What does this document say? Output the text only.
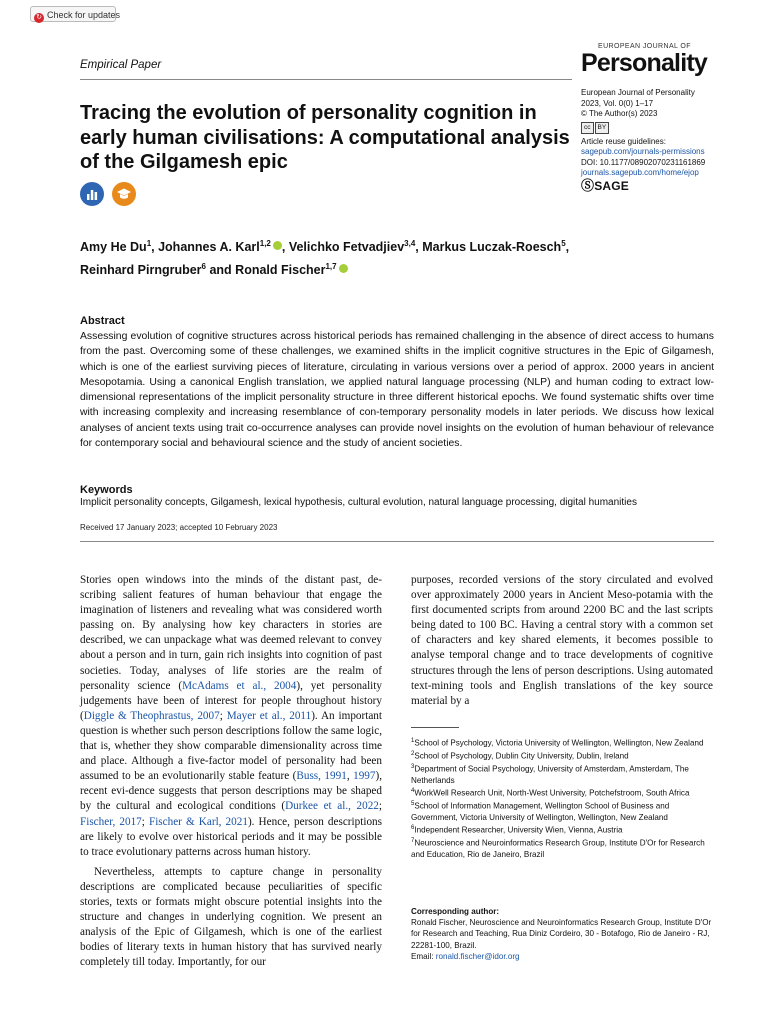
↻ Check for updates
Empirical Paper
EUROPEAN JOURNAL OF
Personality
European Journal of Personality
2023, Vol. 0(0) 1–17
© The Author(s) 2023
cc	BY
Article reuse guidelines:
sagepub.com/journals-permissions
DOI: 10.1177/08902070231161869
journals.sagepub.com/home/ejop
ⓈSAGE
Tracing the evolution of personality cognition in early human civilisations: A computational analysis of the Gilgamesh epic
Amy He Du$^1$, Johannes A. Karl$^{1,2}$ , Velichko Fetvadjiev$^{3,4}$, Markus Luczak-Roesch$^5$,
Reinhard Pirngruber$^6$ and Ronald Fischer$^{1,7}$
Abstract
Assessing evolution of cognitive structures across historical periods has remained challenging in the absence of direct access to humans from the past. Overcoming some of these challenges, we examined shifts in the implicit cognitive structures in the Epic of Gilgamesh, which is one of the earliest surviving pieces of literature, circulating in various versions over a period of approx. 2000 years in ancient Mesopotamia. Using a canonical English translation, we applied natural language processing (NLP) and human coding to extract low-dimensional representations of the implicit personality structure in three different historical epochs. We found systematic shifts over time with increasing complexity and increasing resemblance of con-temporary personality models in later periods. We discuss how lexical analyses of ancient texts using trait co-occurrence analyses can provide novel insights on the evolution of human behaviour of relevance for contemporary social and behavioural science and the study of ancient societies.
Keywords
Implicit personality concepts, Gilgamesh, lexical hypothesis, cultural evolution, natural language processing, digital humanities
Received 17 January 2023; accepted 10 February 2023

Stories open windows into the minds of the distant past, de-scribing salient features of human behaviour that engage the imagination of listeners and revealing what was considered worth passing on. By analysing how key characters in stories are described, we can unpackage what was deemed relevant to convey about a person and in turn, gain rich insights into cognition of past societies. Today, analyses of life stories are the realm of personality science (McAdams et al., 2004), yet personality judgements have been of interest for people throughout history (Diggle & Theophrastus, 2007; Mayer et al., 2011). An important question is whether such person descriptions follow the same logic, that is, whether they show comparable dimensionality across time and place. Although a five-factor model of personality had been assumed to be an evolutionarily stable feature (Buss, 1991, 1997), recent evi-dence suggests that person descriptions may be shaped by the cultural and ecological conditions (Durkee et al., 2022; Fischer, 2017; Fischer & Karl, 2021). Hence, person descriptions are likely to evolve over historical periods and it may be possible to trace evolutionary patterns across human history.

Nevertheless, attempts to capture change in personality descriptions are complicated because peculiarities of specific stories, texts or formats might obscure potential insights into the structure and changes in underlying cognition. We present an analysis of the Epic of Gilgamesh, which is one of the earliest bodies of literary texts in human history that has survived nearly completely till today. Importantly, for our

purposes, recorded versions of the story circulated and evolved over approximately 2000 years in Ancient Meso-potamia with the first documented scripts from around 2200 BC and the last scripts being dated to 100 BC. Having a central story with a common set of characters and key shared elements, it becomes possible to analyse temporal change and to trace developments of cognitive structures through the lens of person descriptions. Using automated text-mining tools and English translations of the key source material by a
$^1$School of Psychology, Victoria University of Wellington, Wellington, New Zealand
$^2$School of Psychology, Dublin City University, Dublin, Ireland
$^3$Department of Social Psychology, University of Amsterdam, Amsterdam, The Netherlands
$^4$WorkWell Research Unit, North-West University, Potchefstroom, South Africa
$^5$School of Information Management, Wellington School of Business and Government, Victoria University of Wellington, Wellington, New Zealand
$^6$Independent Researcher, University Wien, Vienna, Austria
$^7$Neuroscience and Neuroinformatics Research Group, Institute D'Or for Research and Education, Rio de Janeiro, Brazil
Corresponding author:
Ronald Fischer, Neuroscience and Neuroinformatics Research Group, Institute D'Or for Research and Teaching, Rua Diniz Cordeiro, 30 - Botafogo, Rio de Janeiro - RJ, 22281-100, Brazil.
Email: ronald.fischer@idor.org
